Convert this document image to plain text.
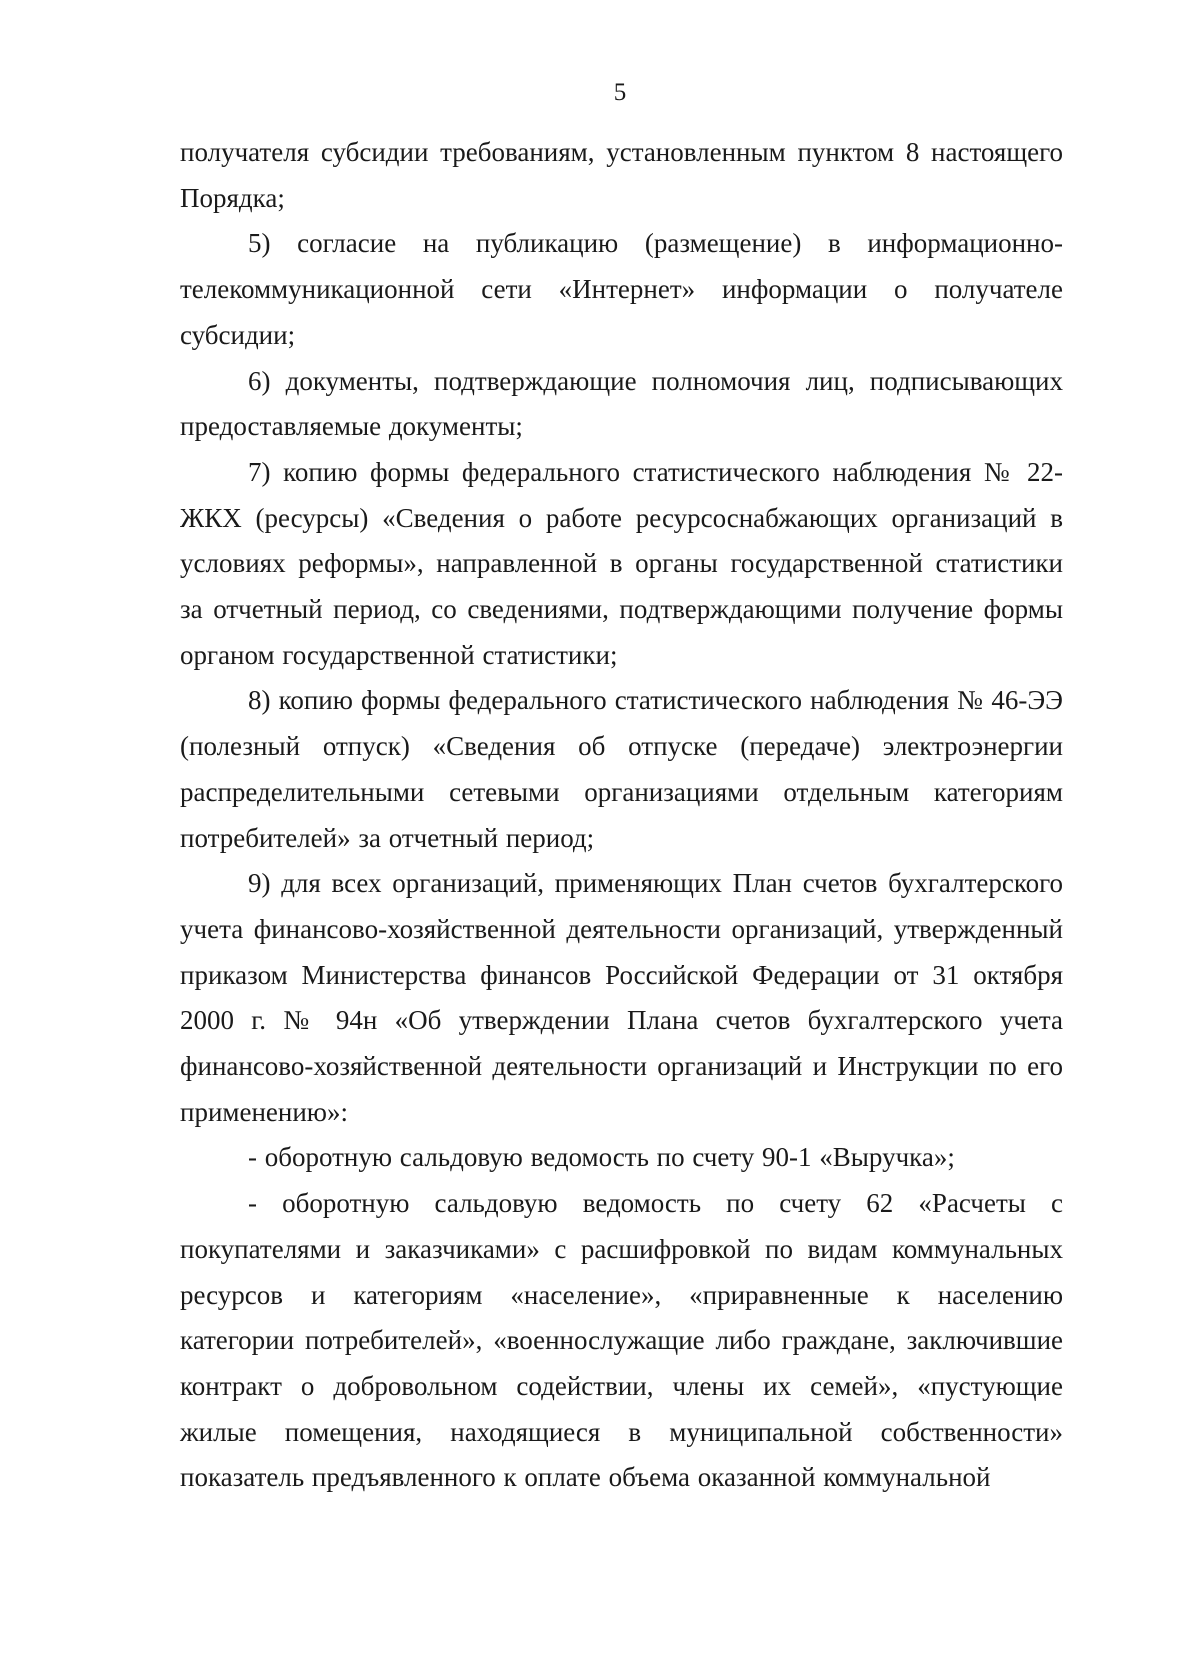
5

получателя субсидии требованиям, установленным пунктом 8 настоящего Порядка;

5) согласие на публикацию (размещение) в информационно-телекоммуникационной сети «Интернет» информации о получателе субсидии;

6) документы, подтверждающие полномочия лиц, подписывающих предоставляемые документы;

7) копию формы федерального статистического наблюдения № 22-ЖКХ (ресурсы) «Сведения о работе ресурсоснабжающих организаций в условиях реформы», направленной в органы государственной статистики за отчетный период, со сведениями, подтверждающими получение формы органом государственной статистики;

8) копию формы федерального статистического наблюдения № 46-ЭЭ (полезный отпуск) «Сведения об отпуске (передаче) электроэнергии распределительными сетевыми организациями отдельным категориям потребителей» за отчетный период;

9) для всех организаций, применяющих План счетов бухгалтерского учета финансово-хозяйственной деятельности организаций, утвержденный приказом Министерства финансов Российской Федерации от 31 октября 2000 г. № 94н «Об утверждении Плана счетов бухгалтерского учета финансово-хозяйственной деятельности организаций и Инструкции по его применению»:

- оборотную сальдовую ведомость по счету 90-1 «Выручка»;

- оборотную сальдовую ведомость по счету 62 «Расчеты с покупателями и заказчиками» с расшифровкой по видам коммунальных ресурсов и категориям «население», «приравненные к населению категории потребителей», «военнослужащие либо граждане, заключившие контракт о добровольном содействии, члены их семей», «пустующие жилые помещения, находящиеся в муниципальной собственности» показатель предъявленного к оплате объема оказанной коммунальной
